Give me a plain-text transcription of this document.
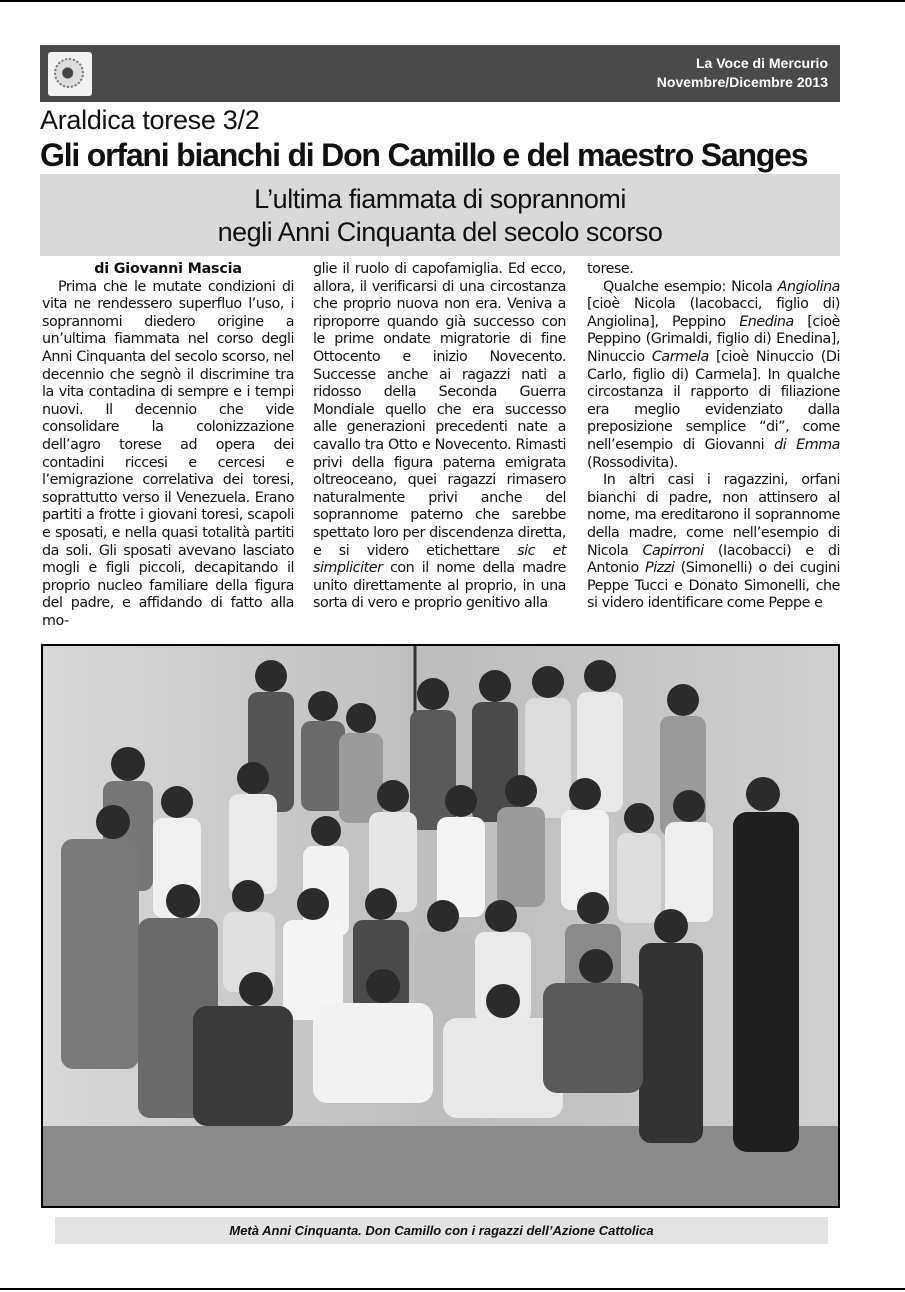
La Voce di Mercurio
Novembre/Dicembre 2013
Araldica torese 3/2
Gli orfani bianchi di Don Camillo e del maestro Sanges
L’ultima fiammata di soprannomi
negli Anni Cinquanta del secolo scorso

di Giovanni Mascia

Prima che le mutate condizioni di vita ne rendessero superfluo l’uso, i soprannomi diedero origine a un’ultima fiammata nel corso degli Anni Cinquanta del secolo scorso, nel decennio che segnò il discrimine tra la vita contadina di sempre e i tempi nuovi. Il decennio che vide consolidare la colonizzazione dell’agro torese ad opera dei contadini riccesi e cercesi e l’emigrazione correlativa dei toresi, soprattutto verso il Venezuela. Erano partiti a frotte i giovani toresi, scapoli e sposati, e nella quasi totalità partiti da soli. Gli sposati avevano lasciato mogli e figli piccoli, decapitando il proprio nucleo familiare della figura del padre, e affidando di fatto alla mo-

glie il ruolo di capofamiglia. Ed ecco, allora, il verificarsi di una circostanza che proprio nuova non era. Veniva a riproporre quando già successo con le prime ondate migratorie di fine Ottocento e inizio Novecento. Successe anche ai ragazzi nati a ridosso della Seconda Guerra Mondiale quello che era successo alle generazioni precedenti nate a cavallo tra Otto e Novecento. Rimasti privi della figura paterna emigrata oltreoceano, quei ragazzi rimasero naturalmente privi anche del soprannome paterno che sarebbe spettato loro per discendenza diretta, e si videro etichettare sic et simpliciter con il nome della madre unito direttamente al proprio, in una sorta di vero e proprio genitivo alla

torese.

Qualche esempio: Nicola Angiolina [cioè Nicola (Iacobacci, figlio di) Angiolina], Peppino Enedina [cioè Peppino (Grimaldi, figlio di) Enedina], Ninuccio Carmela [cioè Ninuccio (Di Carlo, figlio di) Carmela]. In qualche circostanza il rapporto di filiazione era meglio evidenziato dalla preposizione semplice “di”, come nell’esempio di Giovanni di Emma (Rossodivita).

In altri casi i ragazzini, orfani bianchi di padre, non attinsero al nome, ma ereditarono il soprannome della madre, come nell’esempio di Nicola Capirroni (Iacobacci) e di Antonio Pizzi (Simonelli) o dei cugini Peppe Tucci e Donato Simonelli, che si videro identificare come Peppe e

Metà Anni Cinquanta. Don Camillo con i ragazzi dell’Azione Cattolica
